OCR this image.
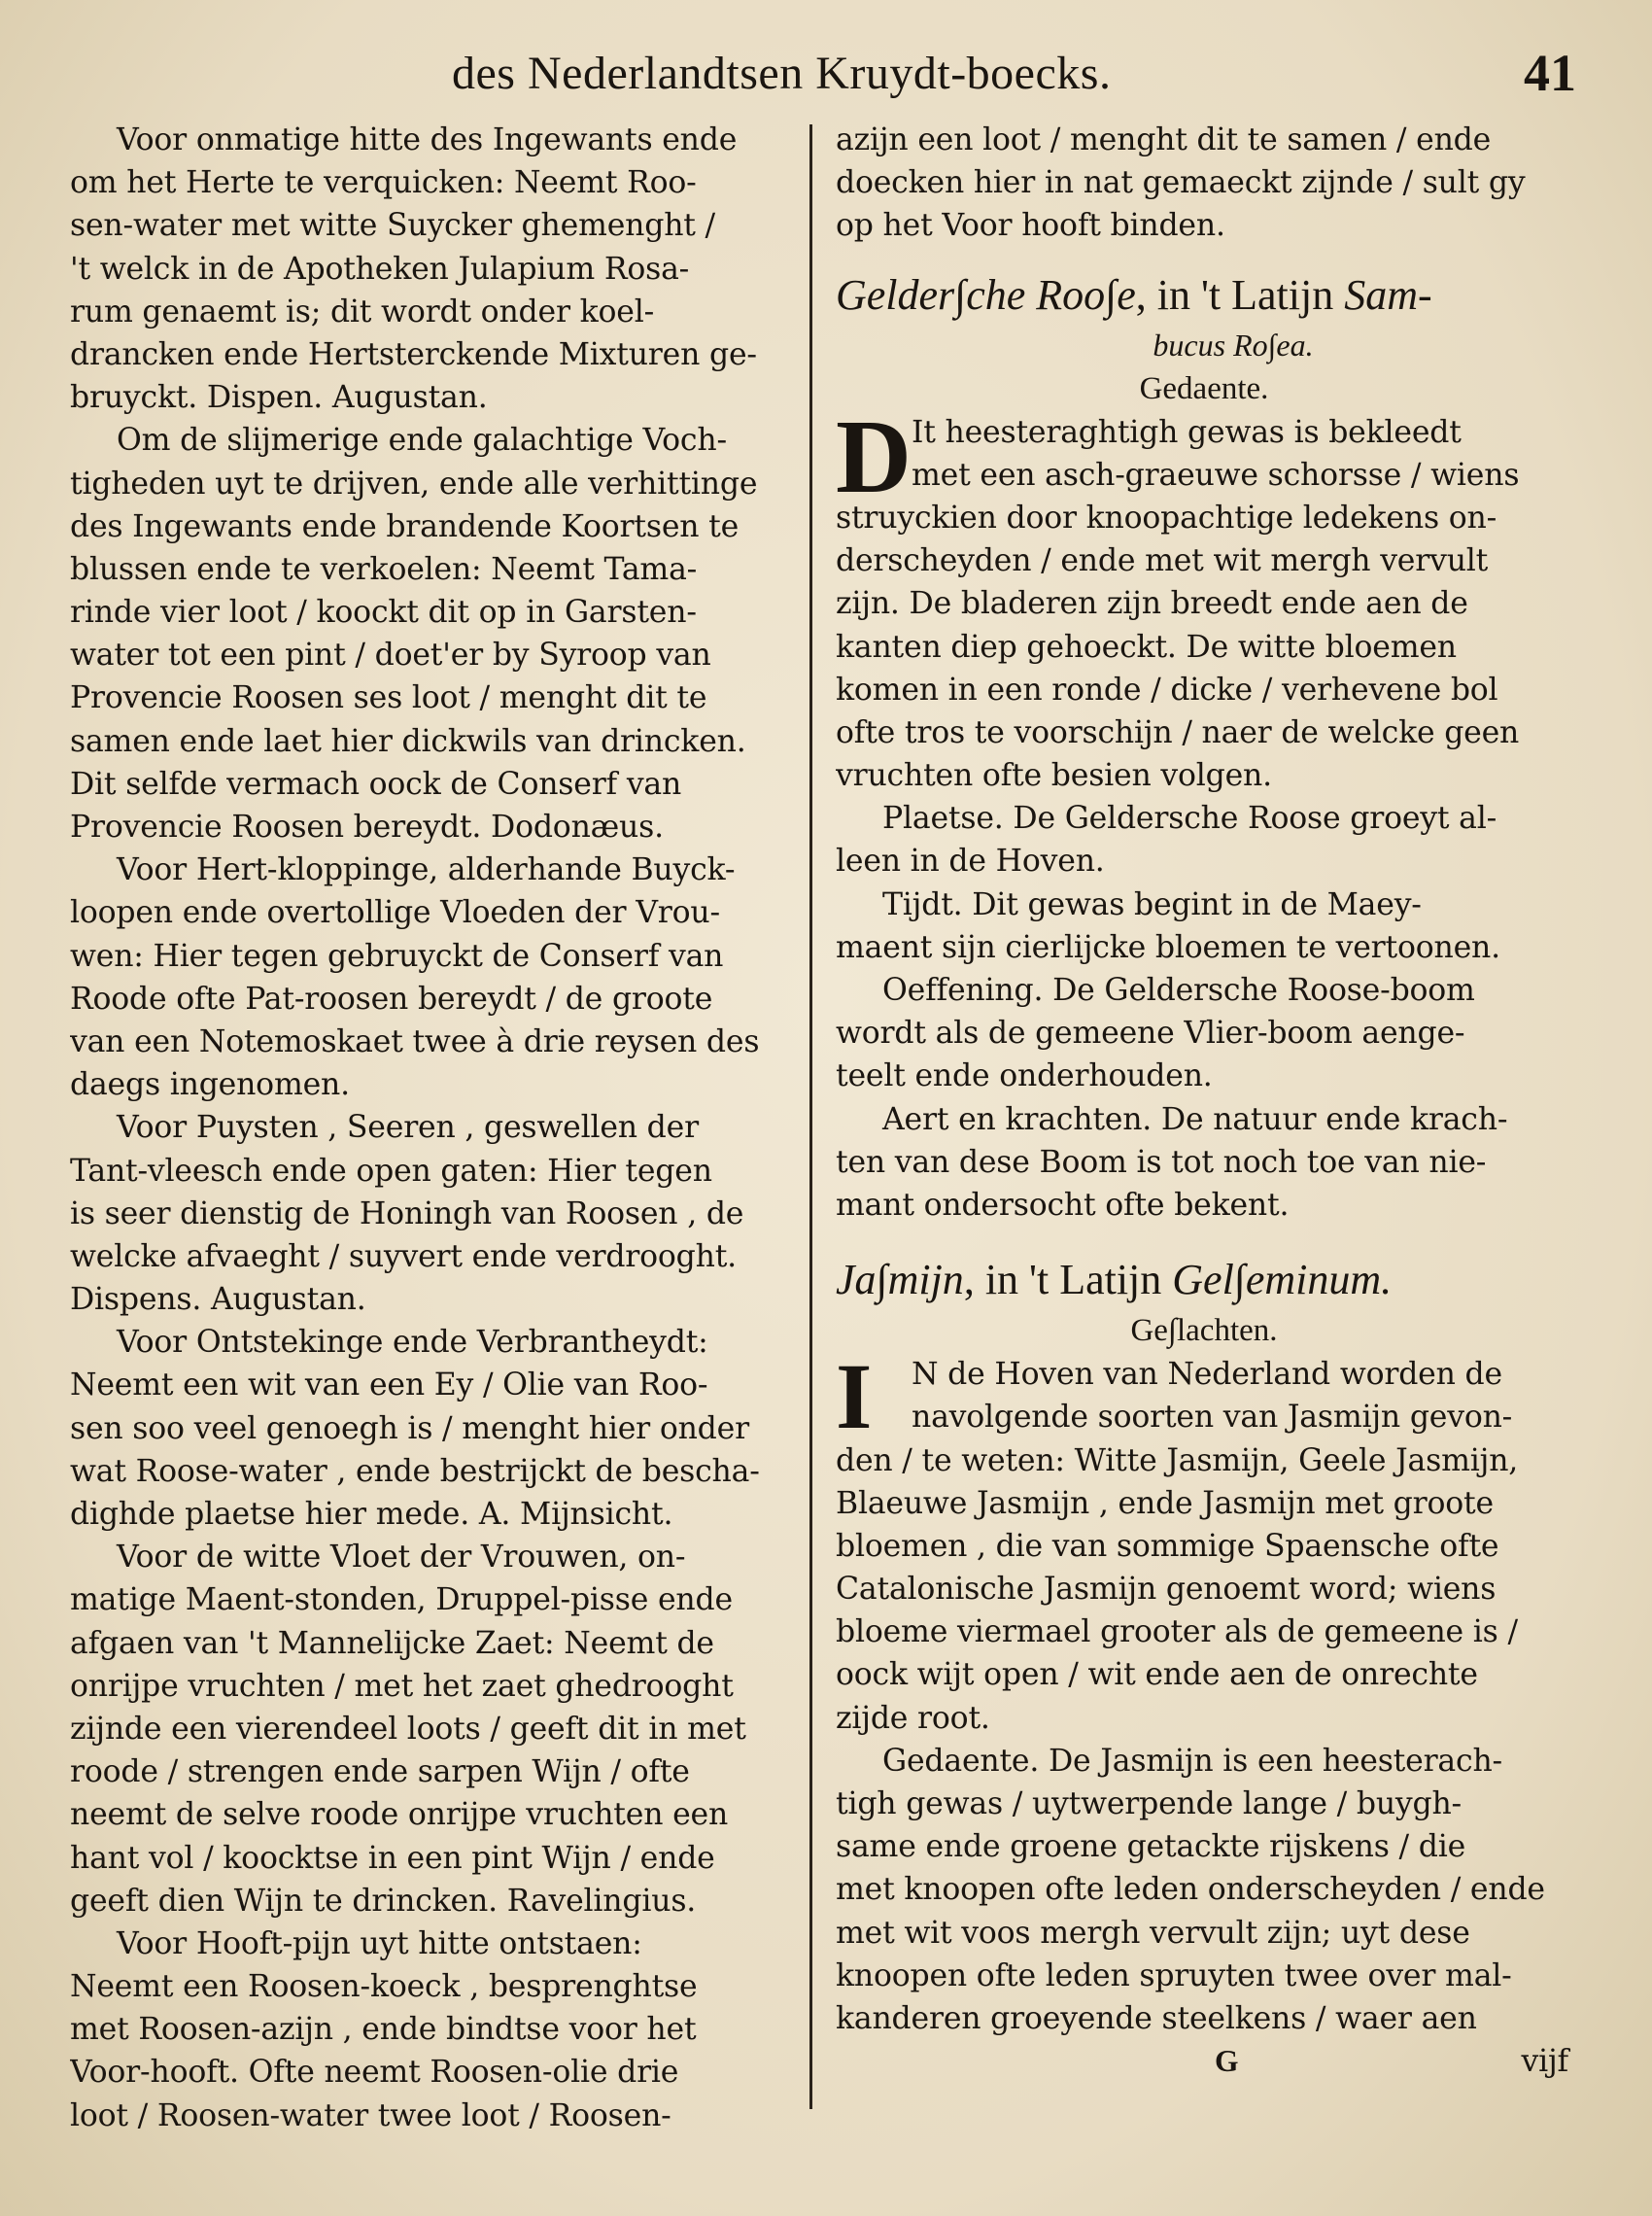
des Nederlandtsen Kruydt-boecks.	41
Voor onmatige hitte des Ingewants ende
om het Herte te verquicken: Neemt Roo-
sen-water met witte Suycker ghemenght /
't welck in de Apotheken Julapium Rosa-
rum genaemt is; dit wordt onder koel-
drancken ende Hertsterckende Mixturen ge-
bruyckt. Dispen. Augustan.
Om de slijmerige ende galachtige Voch-
tigheden uyt te drijven, ende alle verhittinge
des Ingewants ende brandende Koortsen te
blussen ende te verkoelen: Neemt Tama-
rinde vier loot / koockt dit op in Garsten-
water tot een pint / doet'er by Syroop van
Provencie Roosen ses loot / menght dit te
samen ende laet hier dickwils van drincken.
Dit selfde vermach oock de Conserf van
Provencie Roosen bereydt. Dodonæus.
Voor Hert-kloppinge, alderhande Buyck-
loopen ende overtollige Vloeden der Vrou-
wen: Hier tegen gebruyckt de Conserf van
Roode ofte Pat-roosen bereydt / de groote
van een Notemoskaet twee à drie reysen des
daegs ingenomen.
Voor Puysten , Seeren , geswellen der
Tant-vleesch ende open gaten: Hier tegen
is seer dienstig de Honingh van Roosen , de
welcke afvaeght / suyvert ende verdrooght.
Dispens. Augustan.
Voor Ontstekinge ende Verbrantheydt:
Neemt een wit van een Ey / Olie van Roo-
sen soo veel genoegh is / menght hier onder
wat Roose-water , ende bestrijckt de bescha-
dighde plaetse hier mede. A. Mijnsicht.
Voor de witte Vloet der Vrouwen, on-
matige Maent-stonden, Druppel-pisse ende
afgaen van 't Mannelijcke Zaet: Neemt de
onrijpe vruchten / met het zaet ghedrooght
zijnde een vierendeel loots / geeft dit in met
roode / strengen ende sarpen Wijn / ofte
neemt de selve roode onrijpe vruchten een
hant vol / koocktse in een pint Wijn / ende
geeft dien Wijn te drincken. Ravelingius.
Voor Hooft-pijn uyt hitte ontstaen:
Neemt een Roosen-koeck , besprenghtse
met Roosen-azijn , ende bindtse voor het
Voor-hooft. Ofte neemt Roosen-olie drie
loot / Roosen-water twee loot / Roosen-
azijn een loot / menght dit te samen / ende
doecken hier in nat gemaeckt zijnde / sult gy
op het Voor hooft binden.
Gelder∫che Roo∫e, in 't Latijn Sam-
bucus Ro∫ea.
Gedaente.
D It heesteraghtigh gewas is bekleedt
met een asch-graeuwe schorsse / wiens
struyckien door knoopachtige ledekens on-
derscheyden / ende met wit mergh vervult
zijn. De bladeren zijn breedt ende aen de
kanten diep gehoeckt. De witte bloemen
komen in een ronde / dicke / verhevene bol
ofte tros te voorschijn / naer de welcke geen
vruchten ofte besien volgen.
Plaetse. De Geldersche Roose groeyt al-
leen in de Hoven.
Tijdt. Dit gewas begint in de Maey-
maent sijn cierlijcke bloemen te vertoonen.
Oeffening. De Geldersche Roose-boom
wordt als de gemeene Vlier-boom aenge-
teelt ende onderhouden.
Aert en krachten. De natuur ende krach-
ten van dese Boom is tot noch toe van nie-
mant ondersocht ofte bekent.
Ja∫mijn, in 't Latijn Gel∫eminum.
Ge∫lachten.
I	N de Hoven van Nederland worden de
navolgende soorten van Jasmijn gevon-
den / te weten: Witte Jasmijn, Geele Jasmijn,
Blaeuwe Jasmijn , ende Jasmijn met groote
bloemen , die van sommige Spaensche ofte
Catalonische Jasmijn genoemt word; wiens
bloeme viermael grooter als de gemeene is /
oock wijt open / wit ende aen de onrechte
zijde root.
Gedaente. De Jasmijn is een heesterach-
tigh gewas / uytwerpende lange / buygh-
same ende groene getackte rijskens / die
met knoopen ofte leden onderscheyden / ende
met wit voos mergh vervult zijn; uyt dese
knoopen ofte leden spruyten twee over mal-
kanderen groeyende steelkens / waer aen
G	vijf
